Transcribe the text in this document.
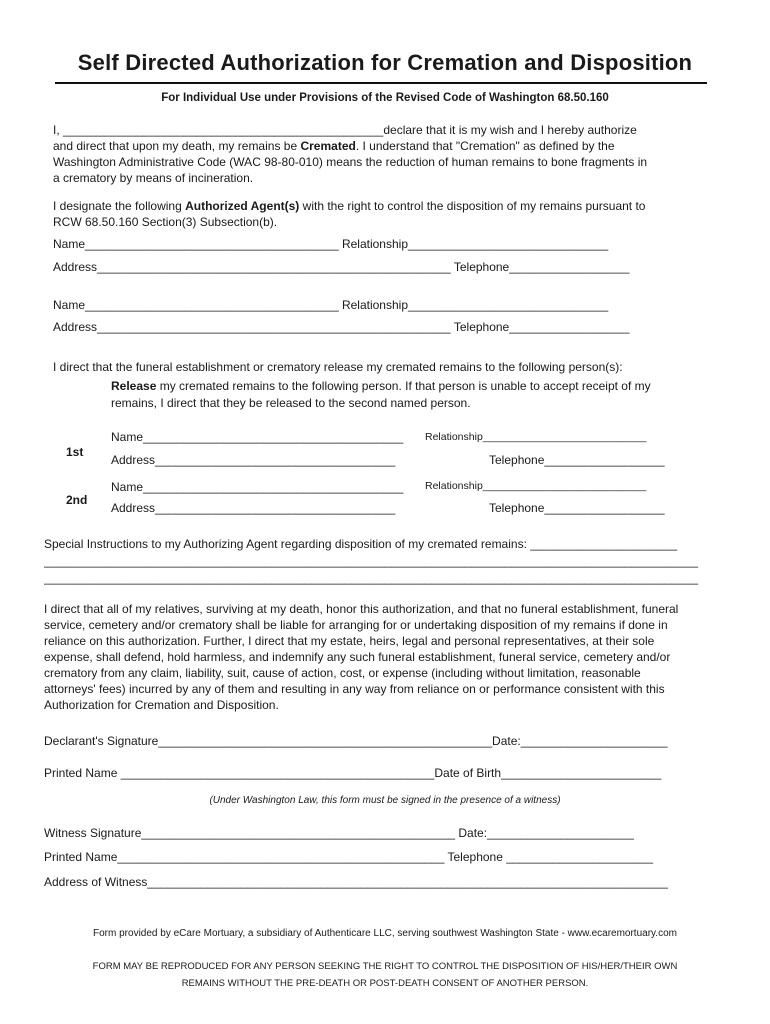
Self Directed Authorization for Cremation and Disposition
For Individual Use under Provisions of the Revised Code of Washington 68.50.160
I, ________________________________________________declare that it is my wish and I hereby authorize
and direct that upon my death, my remains be Cremated. I understand that "Cremation" as defined by the
Washington Administrative Code (WAC 98-80-010) means the reduction of human remains to bone fragments in
a crematory by means of incineration.
I designate the following Authorized Agent(s) with the right to control the disposition of my remains pursuant to
RCW 68.50.160 Section(3) Subsection(b).
Name______________________________________ Relationship______________________________
Address_____________________________________________________ Telephone__________________
Name______________________________________ Relationship______________________________
Address_____________________________________________________ Telephone__________________
I direct that the funeral establishment or crematory release my cremated remains to the following person(s):
Release my cremated remains to the following person. If that person is unable to accept receipt of my
remains, I direct that they be released to the second named person.
1st
Name_______________________________________ Relationship____________________________
Address____________________________________	Telephone__________________
2nd
Name_______________________________________ Relationship____________________________
Address____________________________________	Telephone__________________
Special Instructions to my Authorizing Agent regarding disposition of my cremated remains: ______________________
__________________________________________________________________________________________________
__________________________________________________________________________________________________
I direct that all of my relatives, surviving at my death, honor this authorization, and that no funeral establishment, funeral
service, cemetery and/or crematory shall be liable for arranging for or undertaking disposition of my remains if done in
reliance on this authorization. Further, I direct that my estate, heirs, legal and personal representatives, at their sole
expense, shall defend, hold harmless, and indemnify any such funeral establishment, funeral service, cemetery and/or
crematory from any claim, liability, suit, cause of action, cost, or expense (including without limitation, reasonable
attorneys' fees) incurred by any of them and resulting in any way from reliance on or performance consistent with this
Authorization for Cremation and Disposition.
Declarant's Signature__________________________________________________Date:______________________
Printed Name _______________________________________________Date of Birth________________________
(Under Washington Law, this form must be signed in the presence of a witness)
Witness Signature_______________________________________________ Date:______________________
Printed Name_________________________________________________ Telephone ______________________
Address of Witness______________________________________________________________________________
Form provided by eCare Mortuary, a subsidiary of Authenticare LLC, serving southwest Washington State - www.ecaremortuary.com
FORM MAY BE REPRODUCED FOR ANY PERSON SEEKING THE RIGHT TO CONTROL THE DISPOSITION OF HIS/HER/THEIR OWN
REMAINS WITHOUT THE PRE-DEATH OR POST-DEATH CONSENT OF ANOTHER PERSON.
